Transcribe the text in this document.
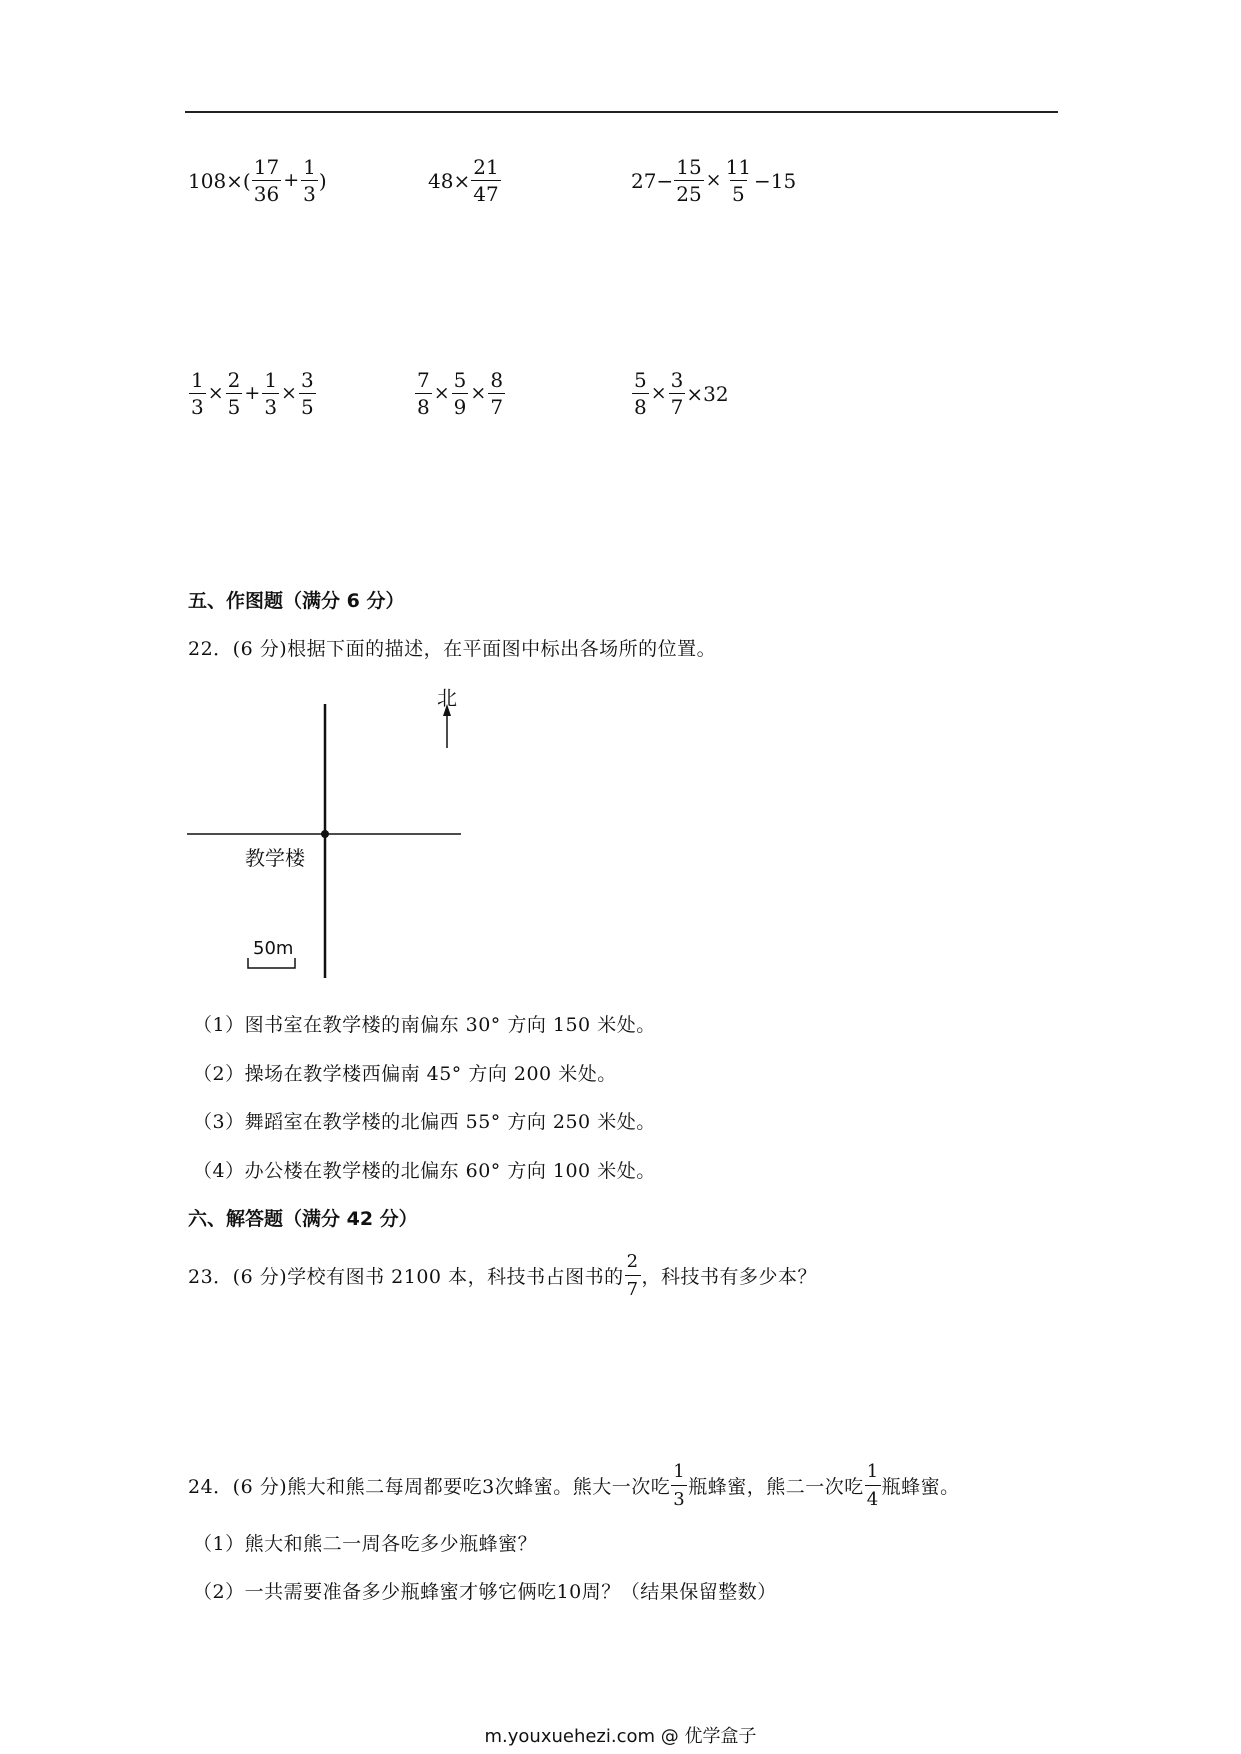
$108\times( \frac{17}{36} + \frac{1}{3}$ )	$48\times \frac{21}{47}$	$27- \frac{15}{25} \times \frac{11}{5} -15$
$\frac{1}{3} \times \frac{2}{5} + \frac{1}{3} \times \frac{3}{5}$	$\frac{7}{8} \times \frac{5}{9} \times \frac{8}{7}$	$\frac{5}{8} \times \frac{3}{7} \times 32$
五、作图题（满分 6 分）
22．(6 分)根据下面的描述，在平面图中标出各场所的位置。
北
教学楼
50m
（1）图书室在教学楼的南偏东 30° 方向 150 米处。
（2）操场在教学楼西偏南 45° 方向 200 米处。
（3）舞蹈室在教学楼的北偏西 55° 方向 250 米处。
（4）办公楼在教学楼的北偏东 60° 方向 100 米处。
六、解答题（满分 42 分）
23．(6 分)学校有图书 2100 本，科技书占图书的 $\frac{2}{7}$ ，科技书有多少本？
24．(6 分)熊大和熊二每周都要吃3次蜂蜜。熊大一次吃 $\frac{1}{3}$ 瓶蜂蜜，熊二一次吃 $\frac{1}{4}$ 瓶蜂蜜。
（1）熊大和熊二一周各吃多少瓶蜂蜜？
（2）一共需要准备多少瓶蜂蜜才够它俩吃10周？（结果保留整数）
m.youxuehezi.com @ 优学盒子
